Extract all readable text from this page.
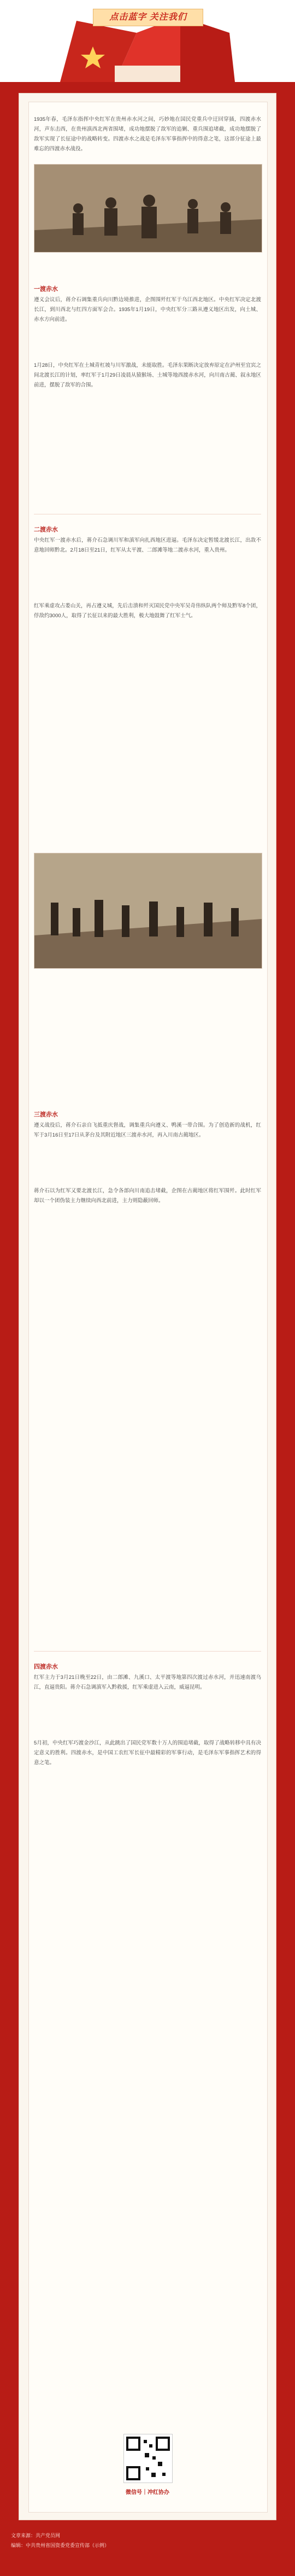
点击蓝字 关注我们
1935年春，毛泽东指挥中央红军在贵州赤水河之间，巧妙地在国民党重兵中迂回穿插，四渡赤水河，声东击西，在贵州滇西北两省围堵，成功地摆脱了敌军的追剿、重兵围追堵截，成功地摆脱了敌军实现了长征途中的战略转变。四渡赤水之战是毛泽东军事指挥中的得意之笔，这部分征途上最难忘的四渡赤水战役。
一渡赤水
遵义会议后，蒋介石调集重兵向川黔边境推进，企图围歼红军于乌江西北地区。中央红军决定北渡长江，到川西北与红四方面军会合。1935年1月19日，中央红军分三路从遵义地区出发，向土城、赤水方向前进。
1月28日，中央红军在土城青杠坡与川军激战，未能取胜。毛泽东果断决定放弃原定在泸州至宜宾之间北渡长江的计划，率红军于1月29日凌晨从猿猴场、土城等地西渡赤水河，向川南古蔺、叙永地区前进，摆脱了敌军的合围。
二渡赤水
中央红军一渡赤水后，蒋介石急调川军和滇军向扎西地区进逼。毛泽东决定暂缓北渡长江，出敌不意地回师黔北。2月18日至21日，红军从太平渡、二郎滩等地二渡赤水河，重入贵州。
红军乘虚攻占娄山关，再占遵义城，先后击溃和歼灭国民党中央军吴奇伟纵队两个师及黔军8个团，俘敌约3000人，取得了长征以来的最大胜利，极大地鼓舞了红军士气。
三渡赤水
遵义战役后，蒋介石亲自飞抵重庆督战，调集重兵向遵义、鸭溪一带合围。为了创造新的战机，红军于3月16日至17日从茅台及其附近地区三渡赤水河，再入川南古蔺地区。
蒋介石以为红军又要北渡长江，急令各部向川南追击堵截，企图在古蔺地区将红军围歼。此时红军却以一个团伪装主力继续向西北前进，主力则隐蔽回师。
四渡赤水
红军主力于3月21日晚至22日，由二郎滩、九溪口、太平渡等地第四次渡过赤水河，并迅速南渡乌江，直逼贵阳。蒋介石急调滇军入黔救援，红军乘虚进入云南，威逼昆明。
5月初，中央红军巧渡金沙江，从此跳出了国民党军数十万人的围追堵截，取得了战略转移中具有决定意义的胜利。四渡赤水，是中国工农红军长征中最精彩的军事行动，是毛泽东军事指挥艺术的得意之笔。
微信号｜冲红协办
文章来源：共产党员网
编辑：中共贵州省国资委党委宣传部（示例）
